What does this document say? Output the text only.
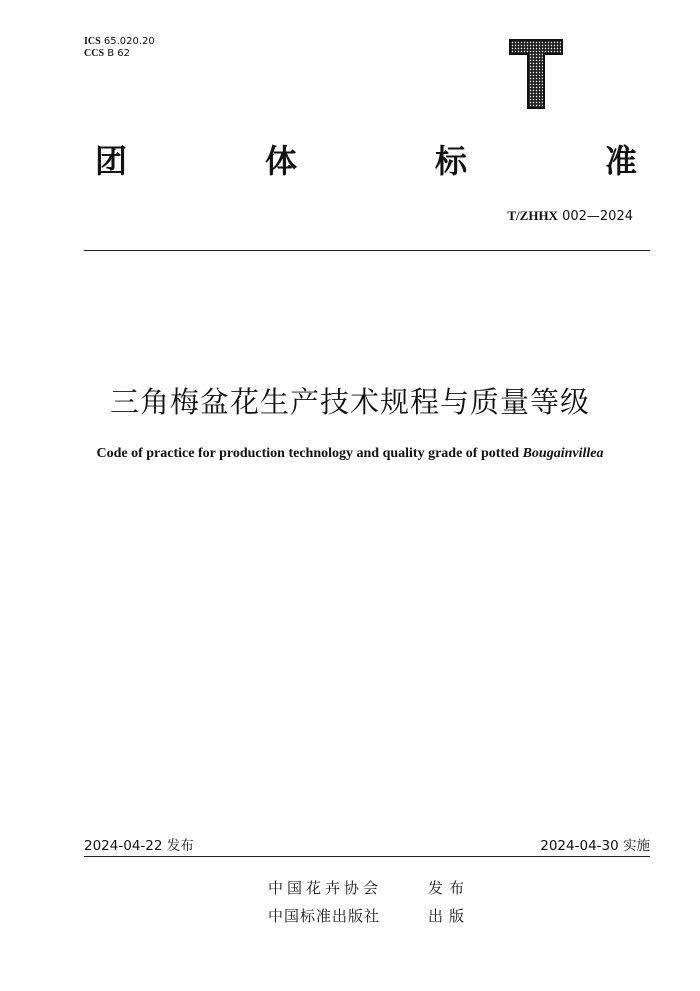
ICS 65.020.20
CCS B 62
T
团	体	标	准
T/ZHHX 002—2024
三角梅盆花生产技术规程与质量等级
Code of practice for production technology and quality grade of potted Bougainvillea
2024-04-22 发布	2024-04-30 实施
中国花卉协会	发布
中国标准出版社	出版
